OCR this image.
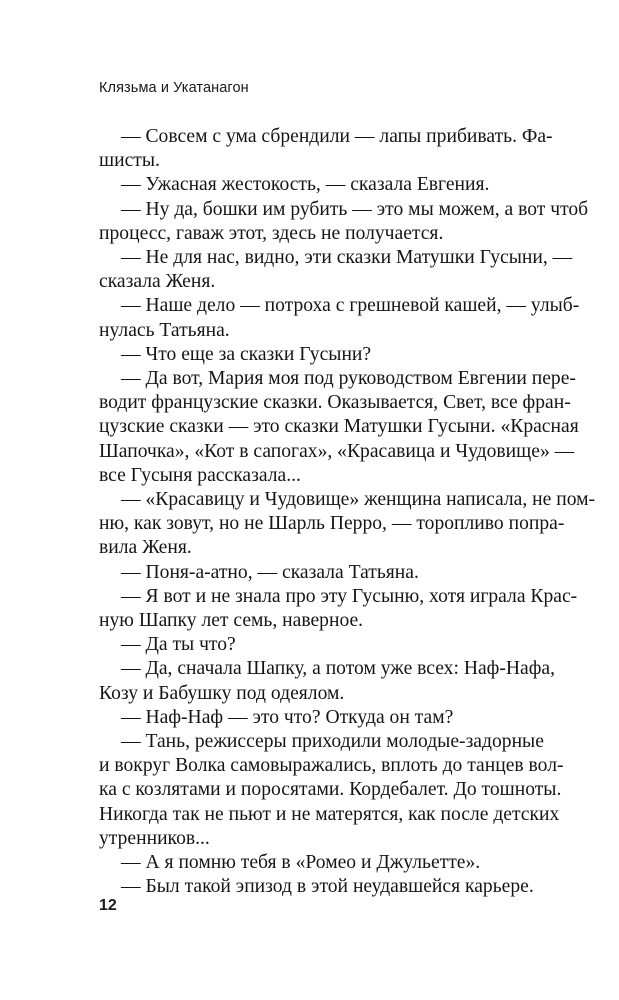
Клязьма и Укатанагон

— Совсем с ума сбрендили — лапы прибивать. Фа-
шисты.

— Ужасная жестокость, — сказала Евгения.

— Ну да, бошки им рубить — это мы можем, а вот чтоб
процесс, гаваж этот, здесь не получается.

— Не для нас, видно, эти сказки Матушки Гусыни, —
сказала Женя.

— Наше дело — потроха с грешневой кашей, — улыб-
нулась Татьяна.

— Что еще за сказки Гусыни?

— Да вот, Мария моя под руководством Евгении пере-
водит французские сказки. Оказывается, Свет, все фран-
цузские сказки — это сказки Матушки Гусыни. «Красная
Шапочка», «Кот в сапогах», «Красавица и Чудовище» —
все Гусыня рассказала...

— «Красавицу и Чудовище» женщина написала, не пом-
ню, как зовут, но не Шарль Перро, — торопливо попра-
вила Женя.

— Поня-а-атно, — сказала Татьяна.

— Я вот и не знала про эту Гусыню, хотя играла Крас-
ную Шапку лет семь, наверное.

— Да ты что?

— Да, сначала Шапку, а потом уже всех: Наф-Нафа,
Козу и Бабушку под одеялом.

— Наф-Наф — это что? Откуда он там?

— Тань, режиссеры приходили молодые-задорные
и вокруг Волка самовыражались, вплоть до танцев вол-
ка с козлятами и поросятами. Кордебалет. До тошноты.
Никогда так не пьют и не матерятся, как после детских
утренников...

— А я помню тебя в «Ромео и Джульетте».

— Был такой эпизод в этой неудавшейся карьере.

12
